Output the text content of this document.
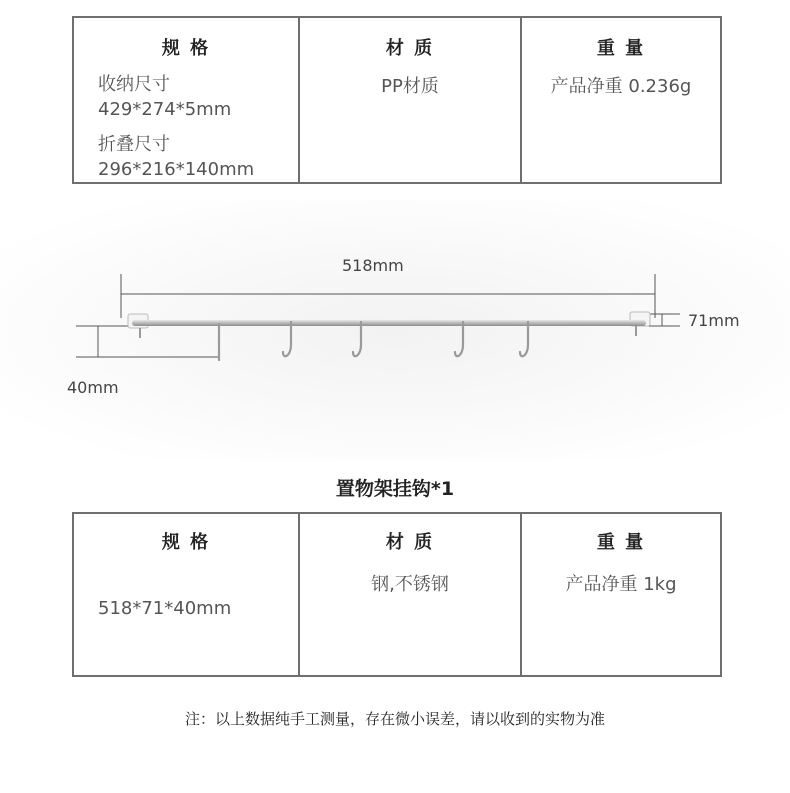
规 格
收纳尺寸
429*274*5mm
折叠尺寸
296*216*140mm
材 质
PP材质
重 量
产品净重 0.236g
518mm
71mm
40mm
置物架挂钩*1
规 格
518*71*40mm
材 质
钢,不锈钢
重 量
产品净重 1kg
注：以上数据纯手工测量，存在微小误差，请以收到的实物为准
